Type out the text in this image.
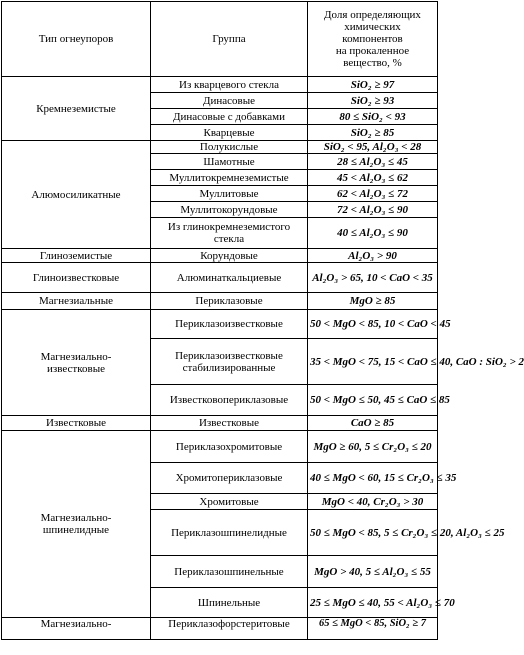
Тип огнеупоров	Группа	Доля определяющих
химических
компонентов
на прокаленное
вещество, %
Кремнеземистые	Из кварцевого стекла	SiO₂ ≥ 97
	Динасовые	SiO₂ ≥ 93
	Динасовые с добавками	80 ≤ SiO₂ < 93
	Кварцевые	SiO₂ ≥ 85
Алюмосиликатные	Полукислые	SiO₂ < 95, Al₂O₃ < 28
	Шамотные	28 ≤ Al₂O₃ ≤ 45
	Муллитокремнеземистые	45 < Al₂O₃ ≤ 62
	Муллитовые	62 < Al₂O₃ ≤ 72
	Муллитокорундовые	72 < Al₂O₃ ≤ 90
	Из глинокремнеземистого
стекла	40 ≤ Al₂O₃ ≤ 90
Глиноземистые	Корундовые	Al₂O₃ > 90
Глиноизвестковые	Алюминаткальциевые	Al₂O₃ > 65, 10 < CaO < 35
Магнезиальные	Периклазовые	MgO ≥ 85
Магнезиально-
известковые	Периклазоизвестковые	50 < MgO < 85, 10 < CaO < 45
	Периклазоизвестковые
стабилизированные	35 < MgO < 75, 15 < CaO ≤ 40, CaO : SiO₂ > 2
	Известковопериклазовые	50 < MgO ≤ 50, 45 ≤ CaO ≤ 85
Известковые	Известковые	CaO ≥ 85
Магнезиально-
шпинелидные	Периклазохромитовые	MgO ≥ 60, 5 ≤ Cr₂O₃ ≤ 20
	Хромитопериклазовые	40 ≤ MgO < 60, 15 ≤ Cr₂O₃ ≤ 35
	Хромитовые	MgO < 40, Cr₂O₃ > 30
	Периклазошпинелидные	50 ≤ MgO < 85, 5 ≤ Cr₂O₃ ≤ 20, Al₂O₃ ≤ 25
	Периклазошпинельные	MgO > 40, 5 ≤ Al₂O₃ ≤ 55
	Шпинельные	25 ≤ MgO ≤ 40, 55 < Al₂O₃ ≤ 70
Магнезиально-	Периклазофорстеритовые	65 ≤ MgO < 85, SiO₂ ≥ 7
